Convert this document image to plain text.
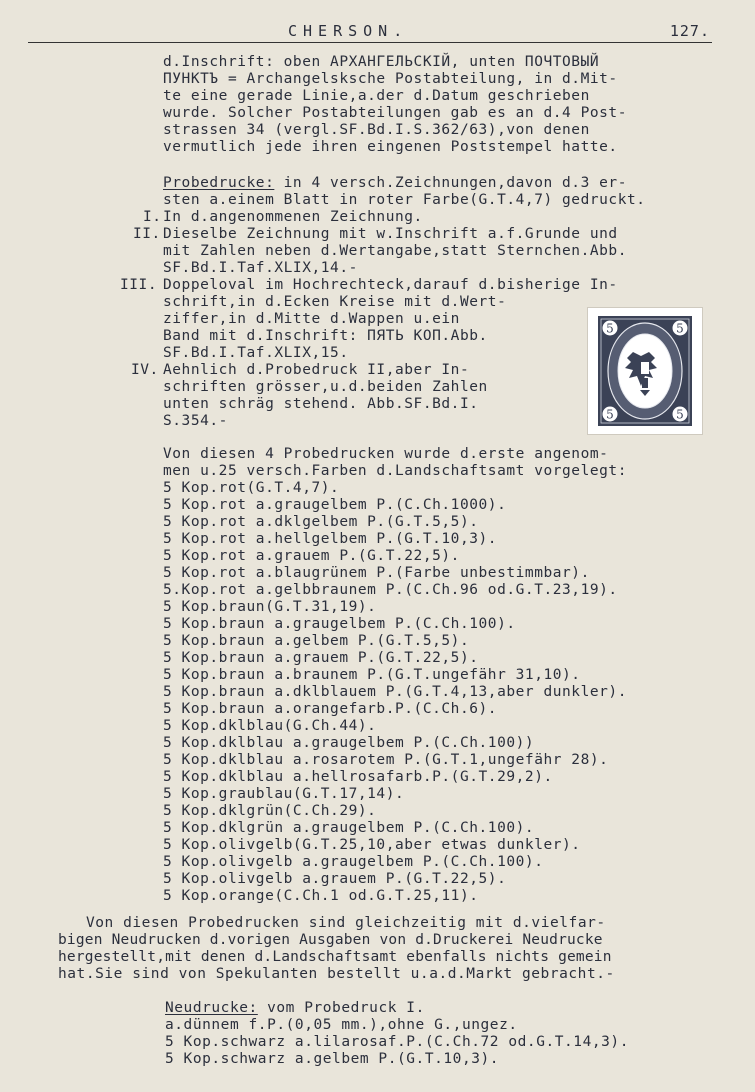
CHERSON.	127.
d.Inschrift: oben АРХАНГЕЛЬСКІЙ, unten ПОЧТОВЫЙ
ПУНКТЪ = Archangelsksche Postabteilung, in d.Mit-
te eine gerade Linie,a.der d.Datum geschrieben
wurde. Solcher Postabteilungen gab es an d.4 Post-
strassen 34 (vergl.SF.Bd.I.S.362/63),von denen
vermutlich jede ihren eingenen Poststempel hatte.
Probedrucke: in 4 versch.Zeichnungen,davon d.3 er-
sten a.einem Blatt in roter Farbe(G.T.4,7) gedruckt.
I. In d.angenommenen Zeichnung.
II. Dieselbe Zeichnung mit w.Inschrift a.f.Grunde und
mit Zahlen neben d.Wertangabe,statt Sternchen.Abb.
SF.Bd.I.Taf.XLIX,14.-
III. Doppeloval im Hochrechteck,darauf d.bisherige In-
schrift,in d.Ecken Kreise mit d.Wert-
ziffer,in d.Mitte d.Wappen u.ein
Band mit d.Inschrift: ПЯТЬ КОП.Abb.
SF.Bd.I.Taf.XLIX,15.
IV. Aehnlich d.Probedruck II,aber In-
schriften grösser,u.d.beiden Zahlen
unten schräg stehend. Abb.SF.Bd.I.
S.354.-
5	5
5	5
Von diesen 4 Probedrucken wurde d.erste angenom-
men u.25 versch.Farben d.Landschaftsamt vorgelegt:
5 Kop.rot(G.T.4,7).
5 Kop.rot a.graugelbem P.(C.Ch.1000).
5 Kop.rot a.dklgelbem P.(G.T.5,5).
5 Kop.rot a.hellgelbem P.(G.T.10,3).
5 Kop.rot a.grauem P.(G.T.22,5).
5 Kop.rot a.blaugrünem P.(Farbe unbestimmbar).
5.Kop.rot a.gelbbraunem P.(C.Ch.96 od.G.T.23,19).
5 Kop.braun(G.T.31,19).
5 Kop.braun a.graugelbem P.(C.Ch.100).
5 Kop.braun a.gelbem P.(G.T.5,5).
5 Kop.braun a.grauem P.(G.T.22,5).
5 Kop.braun a.braunem P.(G.T.ungefähr 31,10).
5 Kop.braun a.dklblauem P.(G.T.4,13,aber dunkler).
5 Kop.braun a.orangefarb.P.(C.Ch.6).
5 Kop.dklblau(G.Ch.44).
5 Kop.dklblau a.graugelbem P.(C.Ch.100))
5 Kop.dklblau a.rosarotem P.(G.T.1,ungefähr 28).
5 Kop.dklblau a.hellrosafarb.P.(G.T.29,2).
5 Kop.graublau(G.T.17,14).
5 Kop.dklgrün(C.Ch.29).
5 Kop.dklgrün a.graugelbem P.(C.Ch.100).
5 Kop.olivgelb(G.T.25,10,aber etwas dunkler).
5 Kop.olivgelb a.graugelbem P.(C.Ch.100).
5 Kop.olivgelb a.grauem P.(G.T.22,5).
5 Kop.orange(C.Ch.1 od.G.T.25,11).
Von diesen Probedrucken sind gleichzeitig mit d.vielfar-
bigen Neudrucken d.vorigen Ausgaben von d.Druckerei Neudrucke
hergestellt,mit denen d.Landschaftsamt ebenfalls nichts gemein
hat.Sie sind von Spekulanten bestellt u.a.d.Markt gebracht.-
Neudrucke: vom Probedruck I.
a.dünnem f.P.(0,05 mm.),ohne G.,ungez.
5 Kop.schwarz a.lilarosaf.P.(C.Ch.72 od.G.T.14,3).
5 Kop.schwarz a.gelbem P.(G.T.10,3).
